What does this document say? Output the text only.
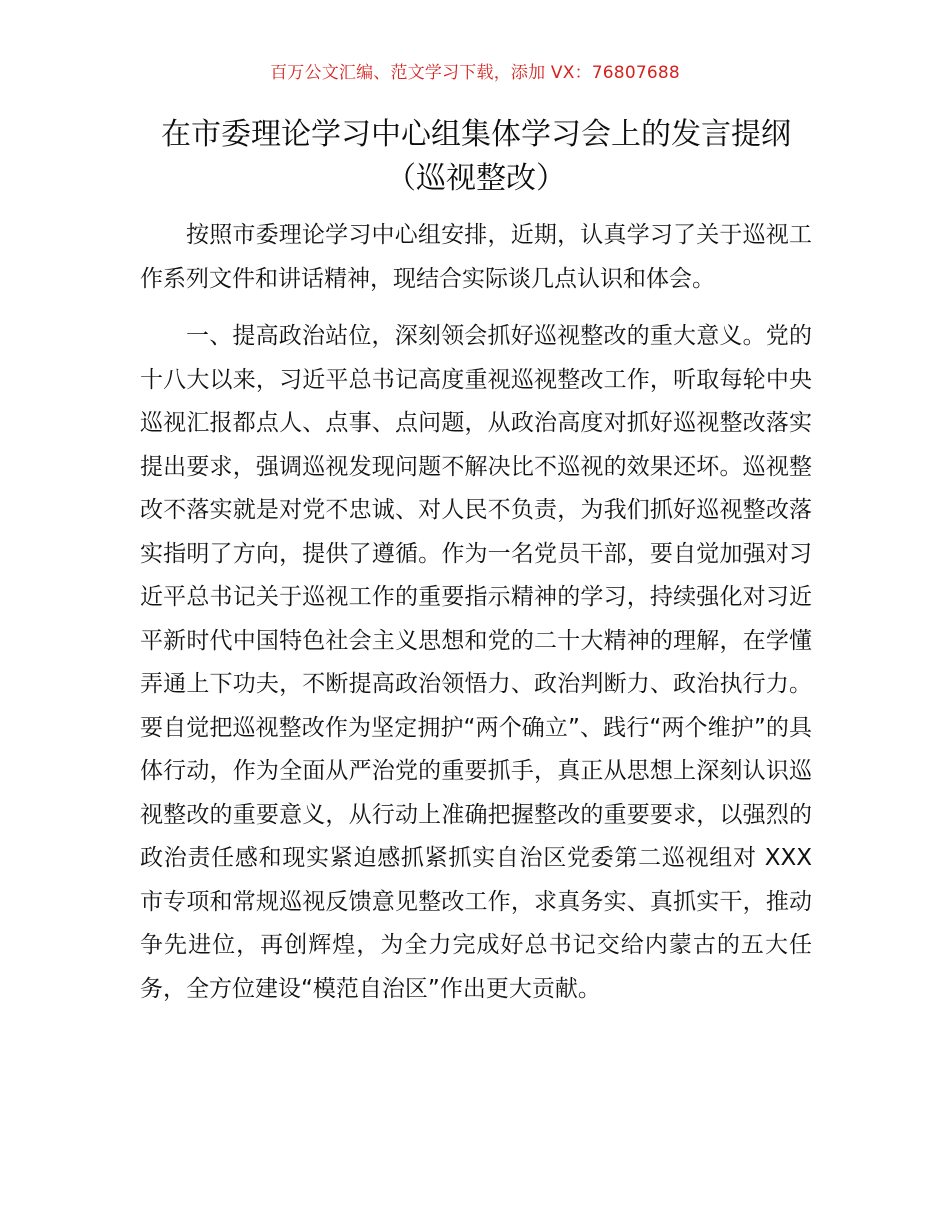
百万公文汇编、范文学习下载，添加 VX：76807688
在市委理论学习中心组集体学习会上的发言提纲（巡视整改）

按照市委理论学习中心组安排，近期，认真学习了关于巡视工作系列文件和讲话精神，现结合实际谈几点认识和体会。

一、提高政治站位，深刻领会抓好巡视整改的重大意义。党的十八大以来，习近平总书记高度重视巡视整改工作，听取每轮中央巡视汇报都点人、点事、点问题，从政治高度对抓好巡视整改落实提出要求，强调巡视发现问题不解决比不巡视的效果还坏。巡视整改不落实就是对党不忠诚、对人民不负责，为我们抓好巡视整改落实指明了方向，提供了遵循。作为一名党员干部，要自觉加强对习近平总书记关于巡视工作的重要指示精神的学习，持续强化对习近平新时代中国特色社会主义思想和党的二十大精神的理解，在学懂弄通上下功夫，不断提高政治领悟力、政治判断力、政治执行力。要自觉把巡视整改作为坚定拥护“两个确立”、践行“两个维护”的具体行动，作为全面从严治党的重要抓手，真正从思想上深刻认识巡视整改的重要意义，从行动上准确把握整改的重要要求，以强烈的政治责任感和现实紧迫感抓紧抓实自治区党委第二巡视组对 XXX 市专项和常规巡视反馈意见整改工作，求真务实、真抓实干，推动争先进位，再创辉煌，为全力完成好总书记交给内蒙古的五大任务，全方位建设“模范自治区”作出更大贡献。
